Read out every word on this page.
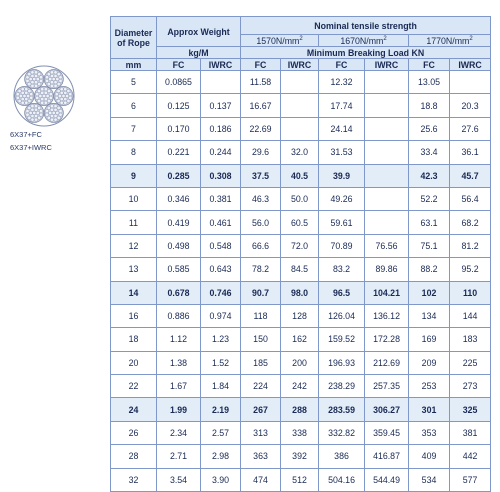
6X37+FC
6X37+IWRC
Diameter of Rope	Approx Weight		Nominal tensile strength					
			$1570N/mm^2$		$1670N/mm^2$		$1770N/mm^2$
	kg/M		Minimum Breaking Load KN					
mm	FC	IWRC	FC	IWRC	FC	IWRC	FC	IWRC
5	0.0865		11.58		12.32		13.05	
6	0.125	0.137	16.67		17.74		18.8	20.3
7	0.170	0.186	22.69		24.14		25.6	27.6
8	0.221	0.244	29.6	32.0	31.53		33.4	36.1
9	0.285	0.308	37.5	40.5	39.9		42.3	45.7
10	0.346	0.381	46.3	50.0	49.26		52.2	56.4
11	0.419	0.461	56.0	60.5	59.61		63.1	68.2
12	0.498	0.548	66.6	72.0	70.89	76.56	75.1	81.2
13	0.585	0.643	78.2	84.5	83.2	89.86	88.2	95.2
14	0.678	0.746	90.7	98.0	96.5	104.21	102	110
16	0.886	0.974	118	128	126.04	136.12	134	144
18	1.12	1.23	150	162	159.52	172.28	169	183
20	1.38	1.52	185	200	196.93	212.69	209	225
22	1.67	1.84	224	242	238.29	257.35	253	273
24	1.99	2.19	267	288	283.59	306.27	301	325
26	2.34	2.57	313	338	332.82	359.45	353	381
28	2.71	2.98	363	392	386	416.87	409	442
32	3.54	3.90	474	512	504.16	544.49	534	577
